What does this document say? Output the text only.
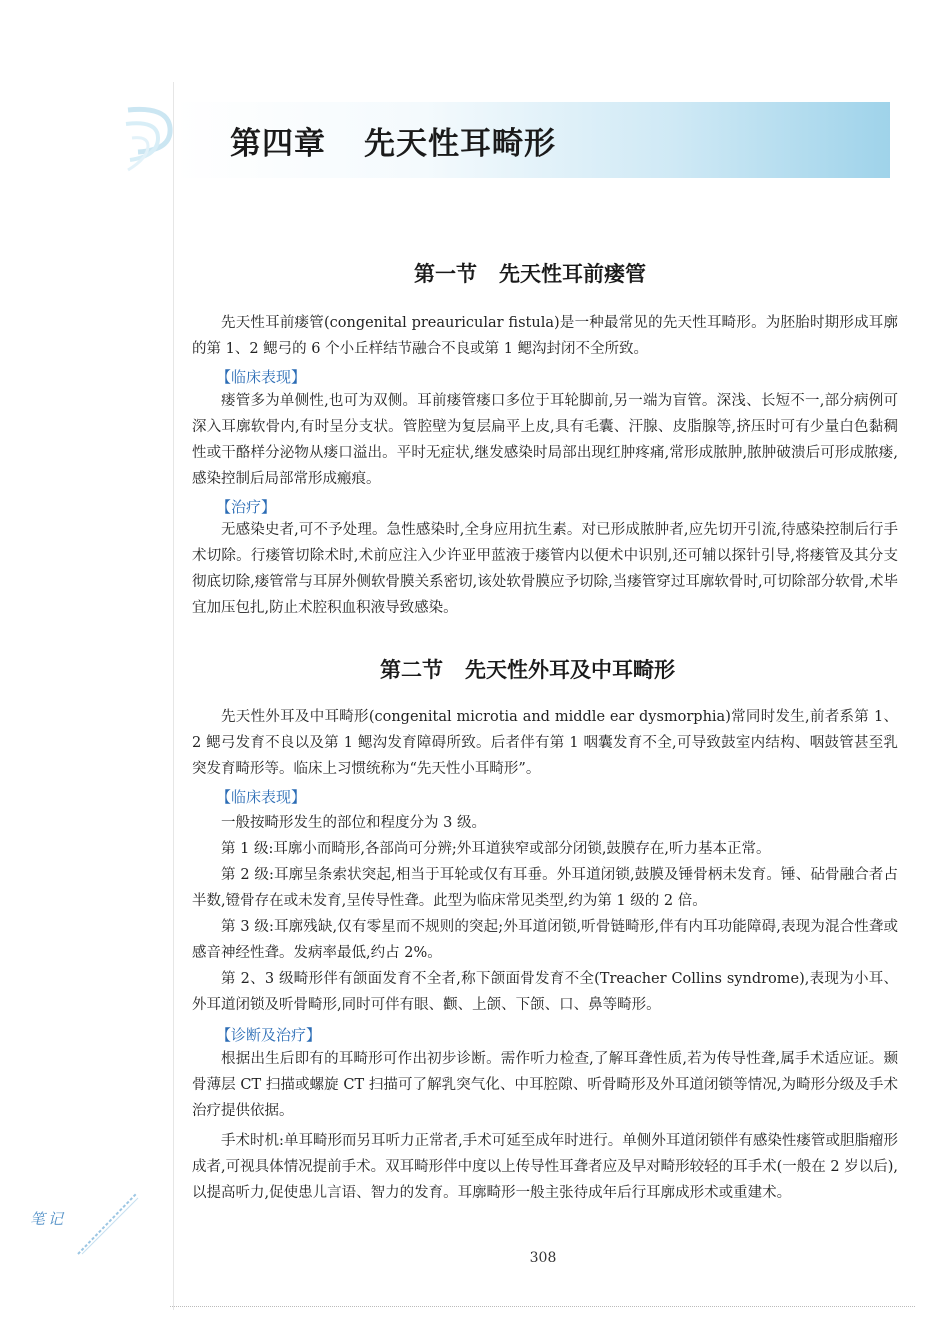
第四章 先天性耳畸形
第一节 先天性耳前瘘管

先天性耳前瘘管(congenital preauricular fistula)是一种最常见的先天性耳畸形。为胚胎时期形成耳廓的第 1、2 鳃弓的 6 个小丘样结节融合不良或第 1 鳃沟封闭不全所致。

【临床表现】

瘘管多为单侧性,也可为双侧。耳前瘘管瘘口多位于耳轮脚前,另一端为盲管。深浅、长短不一,部分病例可深入耳廓软骨内,有时呈分支状。管腔壁为复层扁平上皮,具有毛囊、汗腺、皮脂腺等,挤压时可有少量白色黏稠性或干酪样分泌物从瘘口溢出。平时无症状,继发感染时局部出现红肿疼痛,常形成脓肿,脓肿破溃后可形成脓瘘,感染控制后局部常形成瘢痕。

【治疗】

无感染史者,可不予处理。急性感染时,全身应用抗生素。对已形成脓肿者,应先切开引流,待感染控制后行手术切除。行瘘管切除术时,术前应注入少许亚甲蓝液于瘘管内以便术中识别,还可辅以探针引导,将瘘管及其分支彻底切除,瘘管常与耳屏外侧软骨膜关系密切,该处软骨膜应予切除,当瘘管穿过耳廓软骨时,可切除部分软骨,术毕宜加压包扎,防止术腔积血积液导致感染。

第二节 先天性外耳及中耳畸形

先天性外耳及中耳畸形(congenital microtia and middle ear dysmorphia)常同时发生,前者系第 1、2 鳃弓发育不良以及第 1 鳃沟发育障碍所致。后者伴有第 1 咽囊发育不全,可导致鼓室内结构、咽鼓管甚至乳突发育畸形等。临床上习惯统称为“先天性小耳畸形”。

【临床表现】

一般按畸形发生的部位和程度分为 3 级。

第 1 级:耳廓小而畸形,各部尚可分辨;外耳道狭窄或部分闭锁,鼓膜存在,听力基本正常。

第 2 级:耳廓呈条索状突起,相当于耳轮或仅有耳垂。外耳道闭锁,鼓膜及锤骨柄未发育。锤、砧骨融合者占半数,镫骨存在或未发育,呈传导性聋。此型为临床常见类型,约为第 1 级的 2 倍。

第 3 级:耳廓残缺,仅有零星而不规则的突起;外耳道闭锁,听骨链畸形,伴有内耳功能障碍,表现为混合性聋或感音神经性聋。发病率最低,约占 2%。

第 2、3 级畸形伴有颌面发育不全者,称下颌面骨发育不全(Treacher Collins syndrome),表现为小耳、外耳道闭锁及听骨畸形,同时可伴有眼、颧、上颌、下颌、口、鼻等畸形。

【诊断及治疗】

根据出生后即有的耳畸形可作出初步诊断。需作听力检查,了解耳聋性质,若为传导性聋,属手术适应证。颞骨薄层 CT 扫描或螺旋 CT 扫描可了解乳突气化、中耳腔隙、听骨畸形及外耳道闭锁等情况,为畸形分级及手术治疗提供依据。

手术时机:单耳畸形而另耳听力正常者,手术可延至成年时进行。单侧外耳道闭锁伴有感染性瘘管或胆脂瘤形成者,可视具体情况提前手术。双耳畸形伴中度以上传导性耳聋者应及早对畸形较轻的耳手术(一般在 2 岁以后),以提高听力,促使患儿言语、智力的发育。耳廓畸形一般主张待成年后行耳廓成形术或重建术。

笔记
308
